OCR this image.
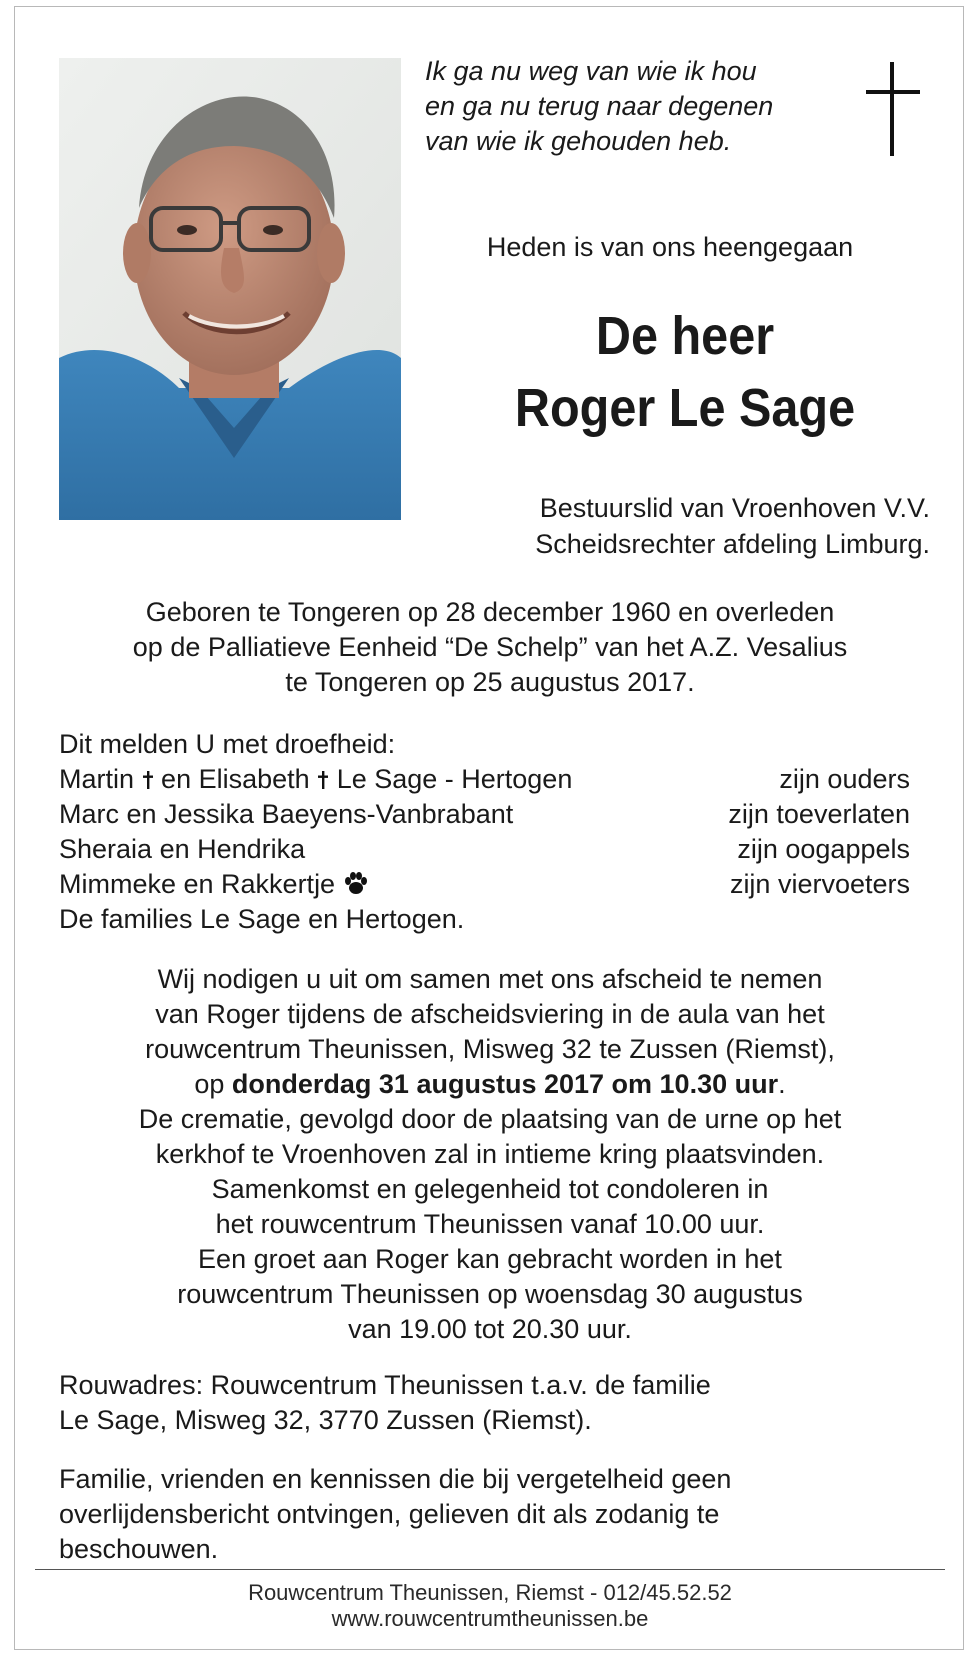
Ik ga nu weg van wie ik hou
en ga nu terug naar degenen
van wie ik gehouden heb.
Heden is van ons heengegaan
De heer
Roger Le Sage
Bestuurslid van Vroenhoven V.V.
Scheidsrechter afdeling Limburg.
Geboren te Tongeren op 28 december 1960 en overleden
op de Palliatieve Eenheid “De Schelp” van het A.Z. Vesalius
te Tongeren op 25 augustus 2017.
Dit melden U met droefheid:
Martin en Elisabeth Le Sage - Hertogen	zijn ouders
Marc en Jessika Baeyens-Vanbrabant	zijn toeverlaten
Sheraia en Hendrika	zijn oogappels
Mimmeke en Rakkertje	zijn viervoeters
De families Le Sage en Hertogen.
Wij nodigen u uit om samen met ons afscheid te nemen
van Roger tijdens de afscheidsviering in de aula van het
rouwcentrum Theunissen, Misweg 32 te Zussen (Riemst),
op donderdag 31 augustus 2017 om 10.30 uur.
De crematie, gevolgd door de plaatsing van de urne op het
kerkhof te Vroenhoven zal in intieme kring plaatsvinden.
Samenkomst en gelegenheid tot condoleren in
het rouwcentrum Theunissen vanaf 10.00 uur.
Een groet aan Roger kan gebracht worden in het
rouwcentrum Theunissen op woensdag 30 augustus
van 19.00 tot 20.30 uur.
Rouwadres: Rouwcentrum Theunissen t.a.v. de familie
Le Sage, Misweg 32, 3770 Zussen (Riemst).
Familie, vrienden en kennissen die bij vergetelheid geen
overlijdensbericht ontvingen, gelieven dit als zodanig te
beschouwen.
Rouwcentrum Theunissen, Riemst - 012/45.52.52
www.rouwcentrumtheunissen.be
